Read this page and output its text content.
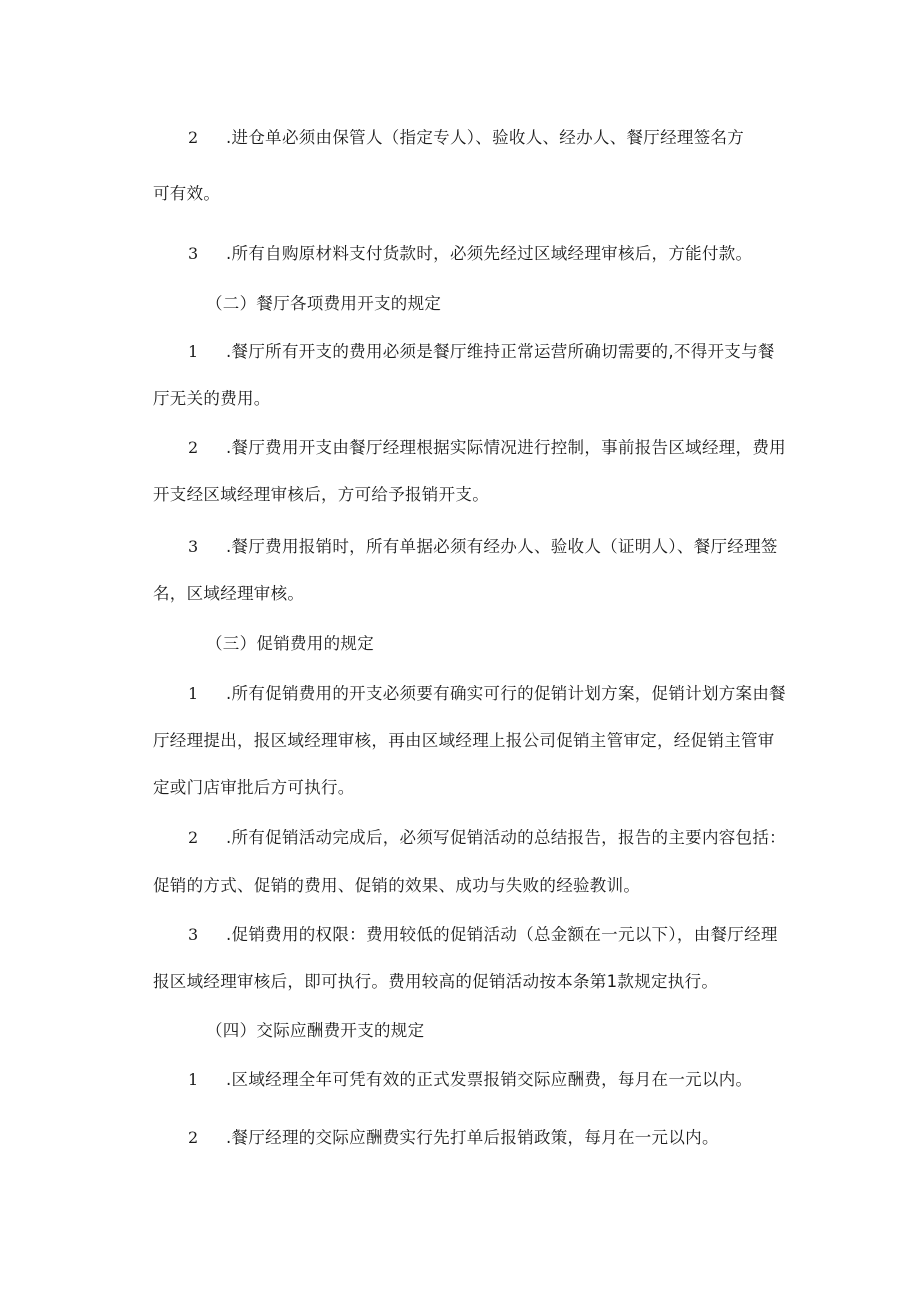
2 .进仓单必须由保管人（指定专人）、验收人、经办人、餐厅经理签名方
可有效。
3 .所有自购原材料支付货款时，必须先经过区域经理审核后，方能付款。
（二）餐厅各项费用开支的规定
1 .餐厅所有开支的费用必须是餐厅维持正常运营所确切需要的,不得开支与餐
厅无关的费用。
2 .餐厅费用开支由餐厅经理根据实际情况进行控制，事前报告区域经理，费用
开支经区域经理审核后，方可给予报销开支。
3 .餐厅费用报销时，所有单据必须有经办人、验收人（证明人）、餐厅经理签
名，区域经理审核。
（三）促销费用的规定
1 .所有促销费用的开支必须要有确实可行的促销计划方案，促销计划方案由餐
厅经理提出，报区域经理审核，再由区域经理上报公司促销主管审定，经促销主管审
定或门店审批后方可执行。
2 .所有促销活动完成后，必须写促销活动的总结报告，报告的主要内容包括：
促销的方式、促销的费用、促销的效果、成功与失败的经验教训。
3 .促销费用的权限：费用较低的促销活动（总金额在一元以下），由餐厅经理
报区域经理审核后，即可执行。费用较高的促销活动按本条第1款规定执行。
（四）交际应酬费开支的规定
1 .区域经理全年可凭有效的正式发票报销交际应酬费，每月在一元以内。
2 .餐厅经理的交际应酬费实行先打单后报销政策，每月在一元以内。
